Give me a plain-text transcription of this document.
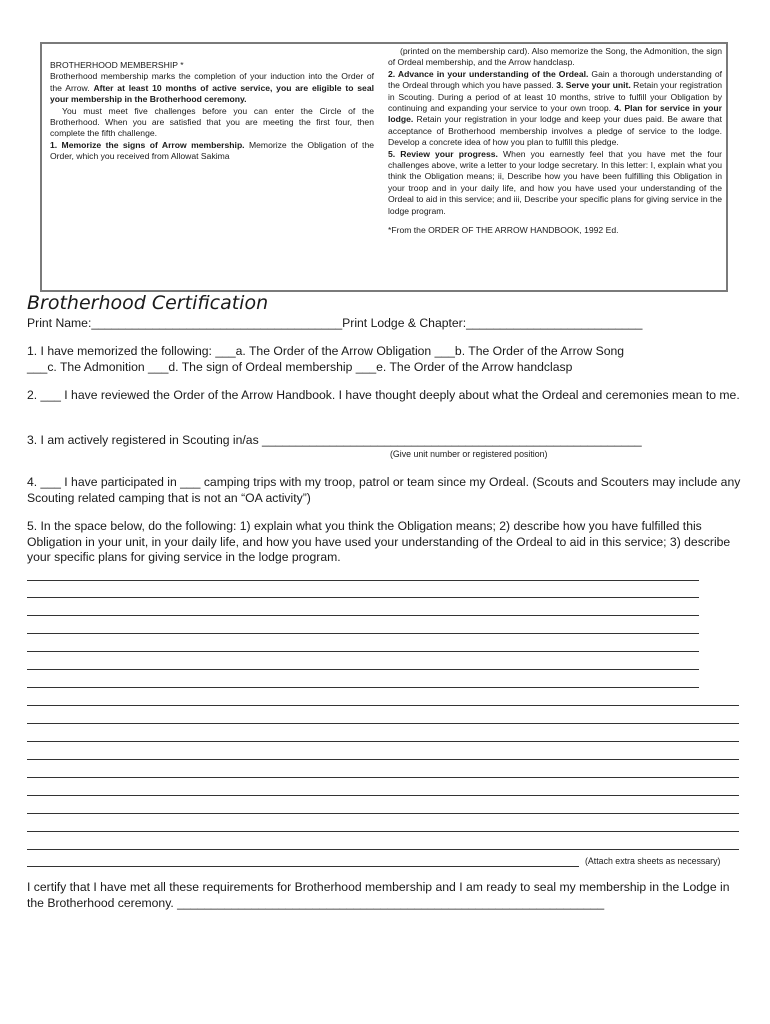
BROTHERHOOD MEMBERSHIP *

Brotherhood membership marks the completion of your induction into the Order of the Arrow. After at least 10 months of active service, you are eligible to seal your membership in the Brotherhood ceremony.

You must meet five challenges before you can enter the Circle of the Brotherhood. When you are satisfied that you are meeting the first four, then complete the fifth challenge.

1. Memorize the signs of Arrow membership. Memorize the Obligation of the Order, which you received from Allowat Sakima

(printed on the membership card). Also memorize the Song, the Admonition, the sign of Ordeal membership, and the Arrow handclasp.

2. Advance in your understanding of the Ordeal. Gain a thorough understanding of the Ordeal through which you have passed. 3. Serve your unit. Retain your registration in Scouting. During a period of at least 10 months, strive to fulfill your Obligation by continuing and expanding your service to your own troop. 4. Plan for service in your lodge. Retain your registration in your lodge and keep your dues paid. Be aware that acceptance of Brotherhood membership involves a pledge of service to the lodge. Develop a concrete idea of how you plan to fulfill this pledge.

5. Review your progress. When you earnestly feel that you have met the four challenges above, write a letter to your lodge secretary. In this letter: I, explain what you think the Obligation means; ii, Describe how you have been fulfilling this Obligation in your troop and in your daily life, and how you have used your understanding of the Ordeal to aid in this service; and iii, Describe your specific plans for giving service in the lodge program.

*From the ORDER OF THE ARROW HANDBOOK, 1992 Ed.

Brotherhood Certification
Print Name:_____________________________________Print Lodge & Chapter:__________________________
1. I have memorized the following: ___a. The Order of the Arrow Obligation ___b. The Order of the Arrow Song
___c. The Admonition ___d. The sign of Ordeal membership ___e. The Order of the Arrow handclasp
2. ___ I have reviewed the Order of the Arrow Handbook. I have thought deeply about what the Ordeal and ceremonies mean to me.
3. I am actively registered in Scouting in/as ________________________________________________________
(Give unit number or registered position)
4. ___ I have participated in ___ camping trips with my troop, patrol or team since my Ordeal. (Scouts and Scouters may include any Scouting related camping that is not an “OA activity”)
5. In the space below, do the following: 1) explain what you think the Obligation means; 2) describe how you have fulfilled this Obligation in your unit, in your daily life, and how you have used your understanding of the Ordeal to aid in this service; 3) describe your specific plans for giving service in the lodge program.
(Attach extra sheets as necessary)
I certify that I have met all these requirements for Brotherhood membership and I am ready to seal my membership in the Lodge in the Brotherhood ceremony. _______________________________________________________________
